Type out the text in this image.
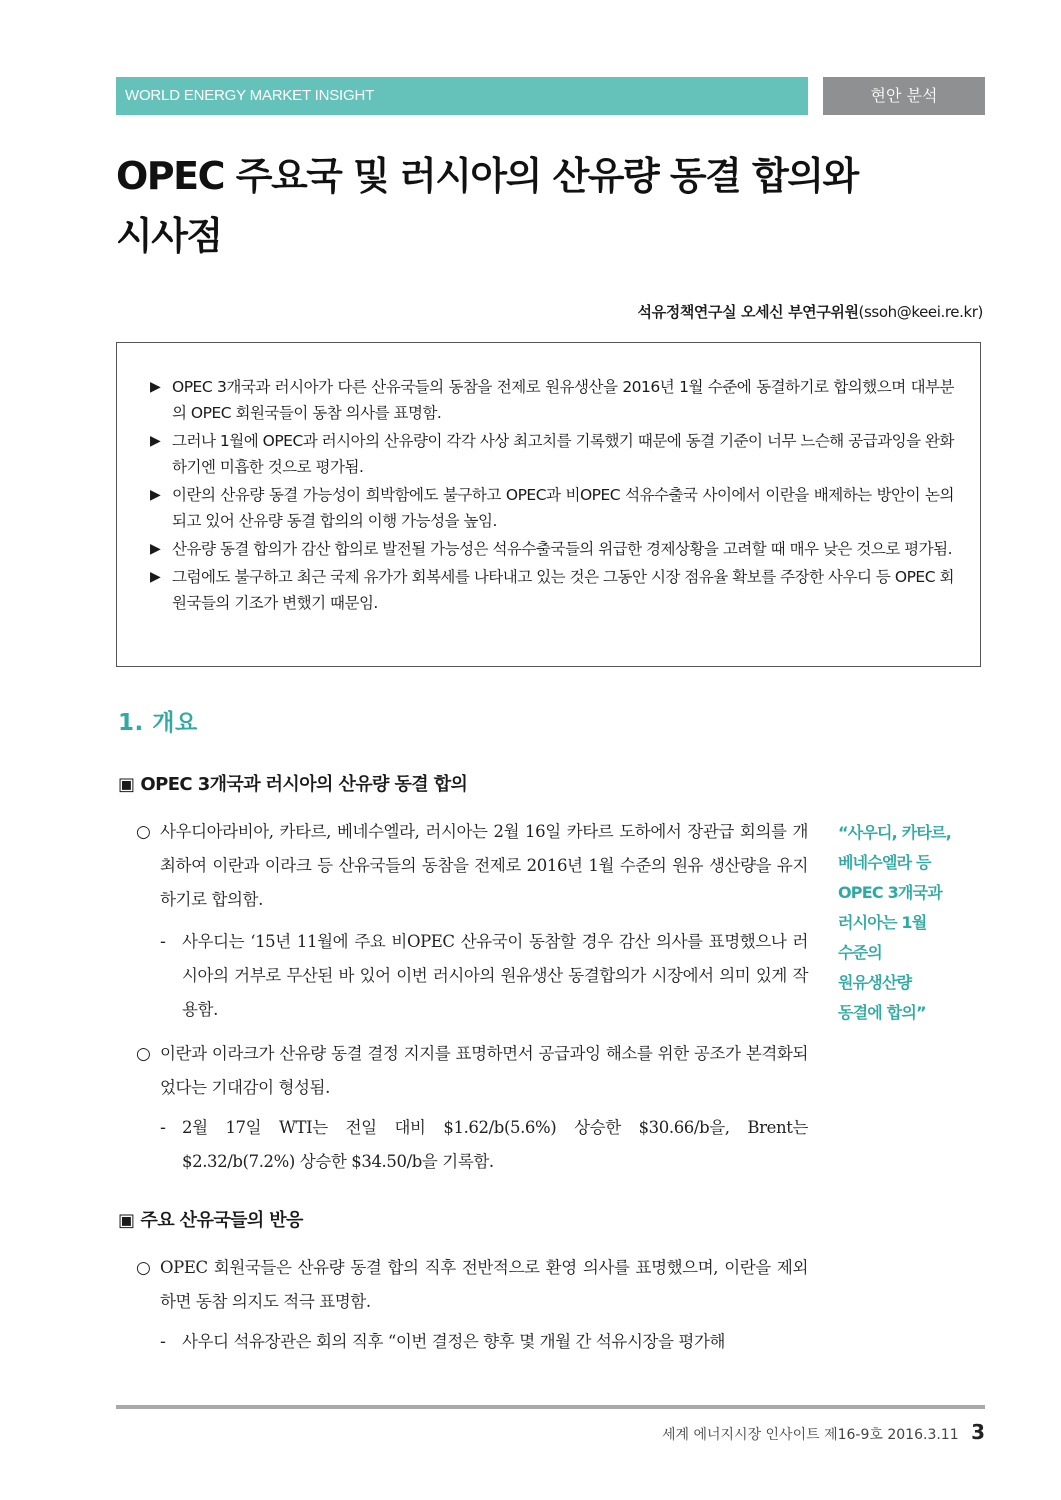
WORLD ENERGY MARKET INSIGHT	현안 분석
OPEC 주요국 및 러시아의 산유량 동결 합의와
시사점
석유정책연구실 오세신 부연구위원(ssoh@keei.re.kr)
▶ OPEC 3개국과 러시아가 다른 산유국들의 동참을 전제로 원유생산을 2016년 1월 수준에 동결하기로 합의했으며 대부분의 OPEC 회원국들이 동참 의사를 표명함.
▶ 그러나 1월에 OPEC과 러시아의 산유량이 각각 사상 최고치를 기록했기 때문에 동결 기준이 너무 느슨해 공급과잉을 완화하기엔 미흡한 것으로 평가됨.
▶ 이란의 산유량 동결 가능성이 희박함에도 불구하고 OPEC과 비OPEC 석유수출국 사이에서 이란을 배제하는 방안이 논의되고 있어 산유량 동결 합의의 이행 가능성을 높임.
▶ 산유량 동결 합의가 감산 합의로 발전될 가능성은 석유수출국들의 위급한 경제상황을 고려할 때 매우 낮은 것으로 평가됨.
▶ 그럼에도 불구하고 최근 국제 유가가 회복세를 나타내고 있는 것은 그동안 시장 점유율 확보를 주장한 사우디 등 OPEC 회원국들의 기조가 변했기 때문임.
1. 개요
▣ OPEC 3개국과 러시아의 산유량 동결 합의

○ 사우디아라비아, 카타르, 베네수엘라, 러시아는 2월 16일 카타르 도하에서 장관급 회의를 개최하여 이란과 이라크 등 산유국들의 동참을 전제로 2016년 1월 수준의 원유 생산량을 유지하기로 합의함.

- 사우디는 ‘15년 11월에 주요 비OPEC 산유국이 동참할 경우 감산 의사를 표명했으나 러시아의 거부로 무산된 바 있어 이번 러시아의 원유생산 동결합의가 시장에서 의미 있게 작용함.

○ 이란과 이라크가 산유량 동결 결정 지지를 표명하면서 공급과잉 해소를 위한 공조가 본격화되었다는 기대감이 형성됨.

- 2월 17일 WTI는 전일 대비 $1.62/b(5.6%) 상승한 $30.66/b을, Brent는 $2.32/b(7.2%) 상승한 $34.50/b을 기록함.

“사우디, 카타르,
베네수엘라 등
OPEC 3개국과
러시아는 1월
수준의
원유생산량
동결에 합의”
▣ 주요 산유국들의 반응

○ OPEC 회원국들은 산유량 동결 합의 직후 전반적으로 환영 의사를 표명했으며, 이란을 제외하면 동참 의지도 적극 표명함.

- 사우디 석유장관은 회의 직후 “이번 결정은 향후 몇 개월 간 석유시장을 평가해

세계 에너지시장 인사이트 제16-9호 2016.3.11 3
